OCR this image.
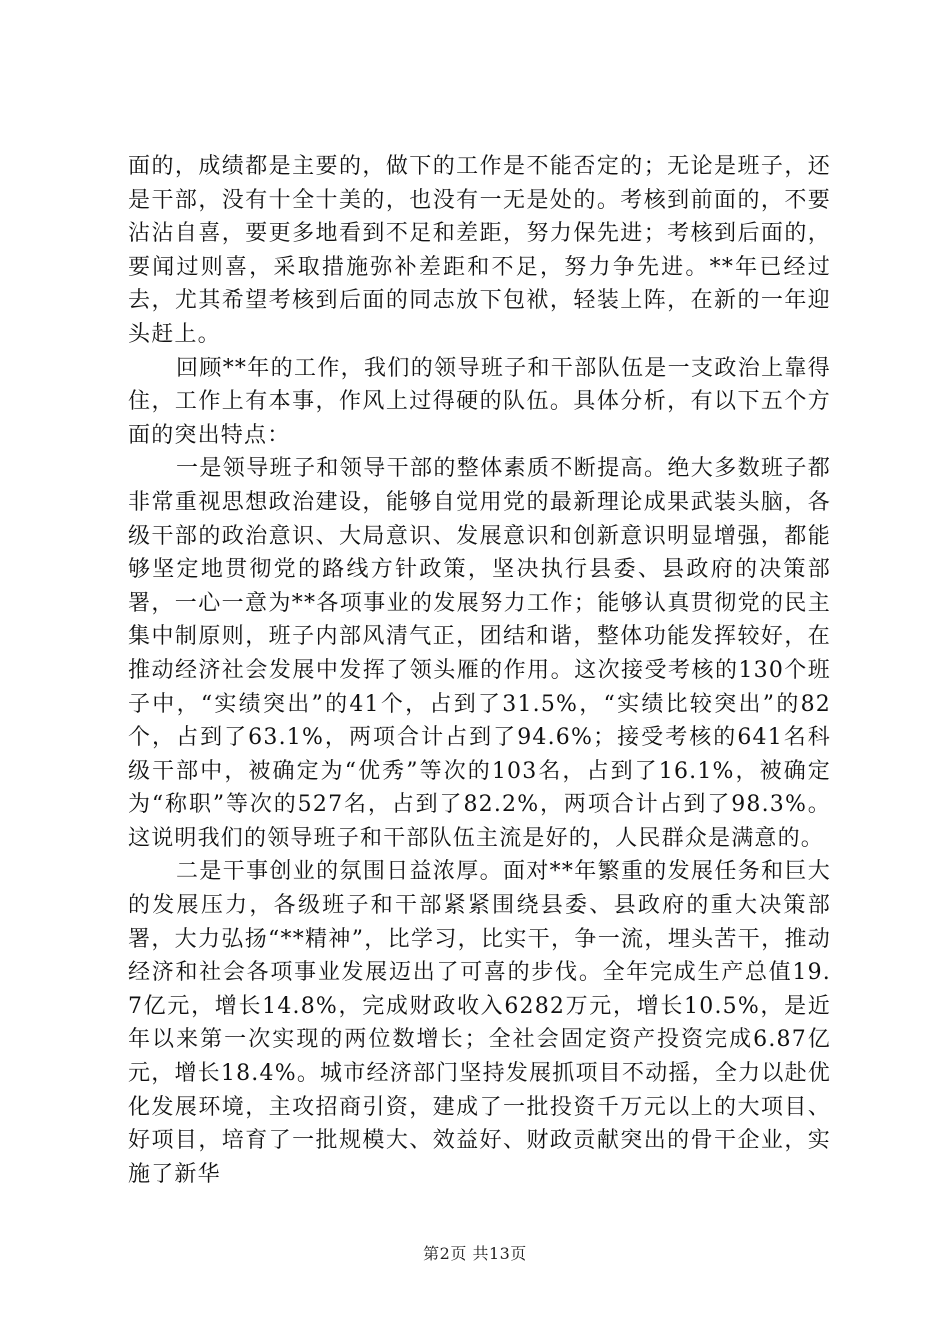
面的，成绩都是主要的，做下的工作是不能否定的；无论是班子，还是干部，没有十全十美的，也没有一无是处的。考核到前面的，不要沾沾自喜，要更多地看到不足和差距，努力保先进；考核到后面的，要闻过则喜，采取措施弥补差距和不足，努力争先进。**年已经过去，尤其希望考核到后面的同志放下包袱，轻装上阵，在新的一年迎头赶上。

回顾**年的工作，我们的领导班子和干部队伍是一支政治上靠得住，工作上有本事，作风上过得硬的队伍。具体分析，有以下五个方面的突出特点：

一是领导班子和领导干部的整体素质不断提高。绝大多数班子都非常重视思想政治建设，能够自觉用党的最新理论成果武装头脑，各级干部的政治意识、大局意识、发展意识和创新意识明显增强，都能够坚定地贯彻党的路线方针政策，坚决执行县委、县政府的决策部署，一心一意为**各项事业的发展努力工作；能够认真贯彻党的民主集中制原则，班子内部风清气正，团结和谐，整体功能发挥较好，在推动经济社会发展中发挥了领头雁的作用。这次接受考核的130个班子中，“实绩突出”的41个，占到了31.5%，“实绩比较突出”的82个，占到了63.1%，两项合计占到了94.6%；接受考核的641名科级干部中，被确定为“优秀”等次的103名，占到了16.1%，被确定为“称职”等次的527名，占到了82.2%，两项合计占到了98.3%。这说明我们的领导班子和干部队伍主流是好的，人民群众是满意的。

二是干事创业的氛围日益浓厚。面对**年繁重的发展任务和巨大的发展压力，各级班子和干部紧紧围绕县委、县政府的重大决策部署，大力弘扬“**精神”，比学习，比实干，争一流，埋头苦干，推动经济和社会各项事业发展迈出了可喜的步伐。全年完成生产总值19.7亿元，增长14.8%，完成财政收入6282万元，增长10.5%，是近年以来第一次实现的两位数增长；全社会固定资产投资完成6.87亿元，增长18.4%。城市经济部门坚持发展抓项目不动摇，全力以赴优化发展环境，主攻招商引资，建成了一批投资千万元以上的大项目、好项目，培育了一批规模大、效益好、财政贡献突出的骨干企业，实施了新华

第2页 共13页
